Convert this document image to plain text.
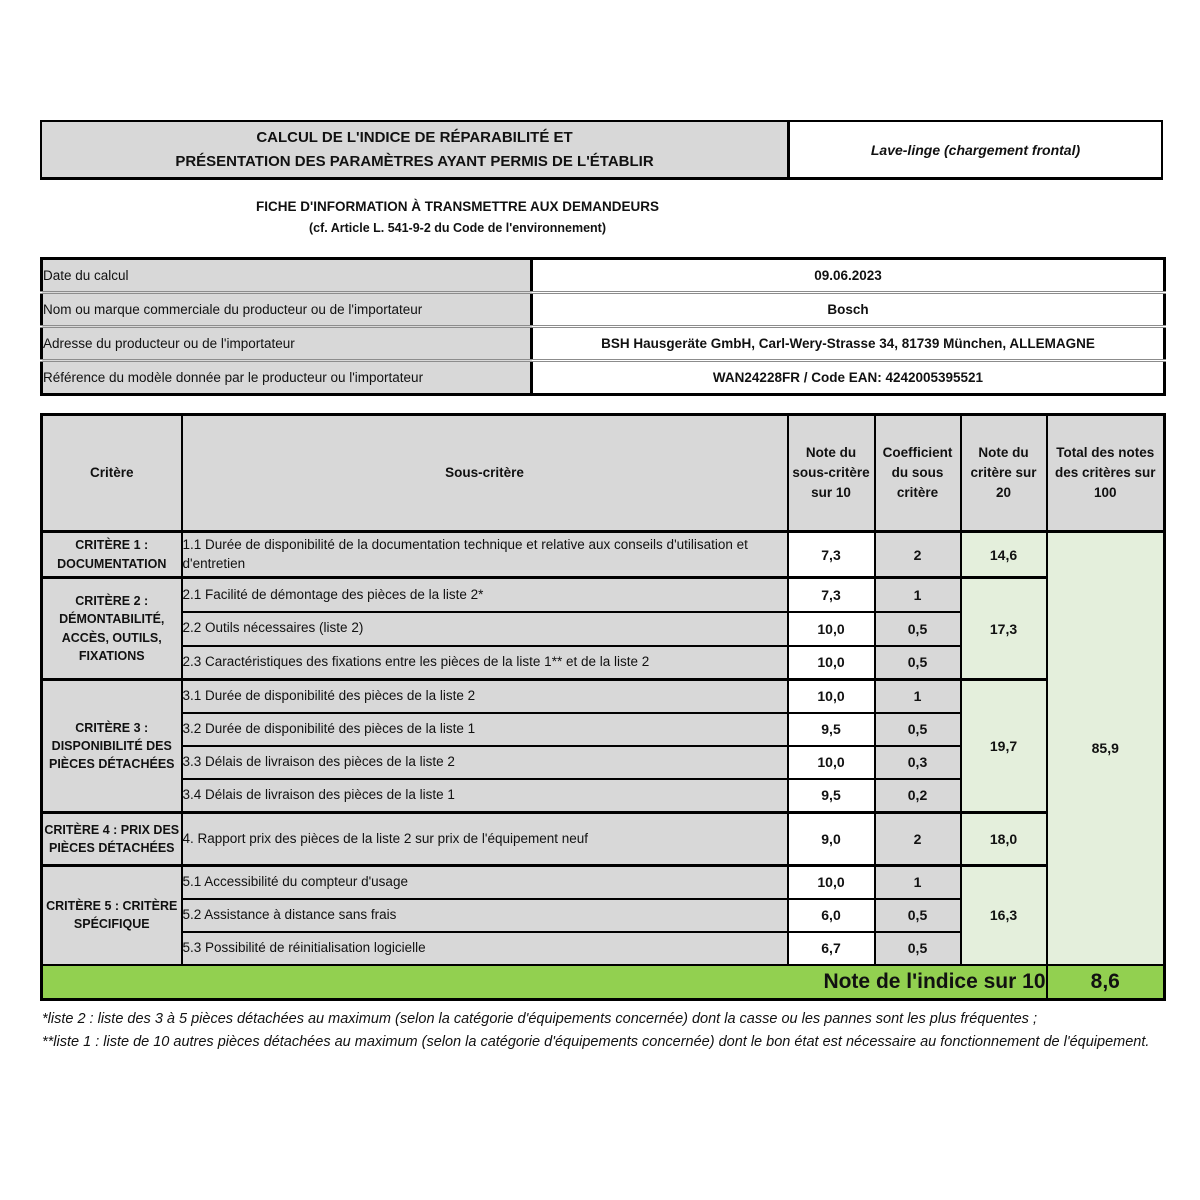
CALCUL DE L'INDICE DE RÉPARABILITÉ ET
PRÉSENTATION DES PARAMÈTRES AYANT PERMIS DE L'ÉTABLIR
Lave-linge (chargement frontal)
FICHE D'INFORMATION À TRANSMETTRE AUX DEMANDEURS
(cf. Article L. 541-9-2 du Code de l'environnement)
Date du calcul	09.06.2023
Nom ou marque commerciale du producteur ou de l'importateur	Bosch
Adresse du producteur ou de l'importateur	BSH Hausgeräte GmbH, Carl-Wery-Strasse 34, 81739 München, ALLEMAGNE
Référence du modèle donnée par le producteur ou l'importateur	WAN24228FR / Code EAN: 4242005395521
Critère	Sous-critère	Note du sous-critère sur 10	Coefficient du sous critère	Note du critère sur 20	Total des notes des critères sur 100
CRITÈRE 1 : DOCUMENTATION	1.1 Durée de disponibilité de la documentation technique et relative aux conseils d'utilisation et d'entretien	7,3	2	14,6	85,9
CRITÈRE 2 : DÉMONTABILITÉ, ACCÈS, OUTILS, FIXATIONS	2.1 Facilité de démontage des pièces de la liste 2*	7,3	1	17,3	
	2.2 Outils nécessaires (liste 2)	10,0	0,5		
	2.3 Caractéristiques des fixations entre les pièces de la liste 1** et de la liste 2	10,0	0,5		
CRITÈRE 3 : DISPONIBILITÉ DES PIÈCES DÉTACHÉES	3.1 Durée de disponibilité des pièces de la liste 2	10,0	1	19,7	
	3.2 Durée de disponibilité des pièces de la liste 1	9,5	0,5		
	3.3 Délais de livraison des pièces de la liste 2	10,0	0,3		
	3.4 Délais de livraison des pièces de la liste 1	9,5	0,2		
CRITÈRE 4 : PRIX DES PIÈCES DÉTACHÉES	4. Rapport prix des pièces de la liste 2 sur prix de l'équipement neuf	9,0	2	18,0	
CRITÈRE 5 : CRITÈRE SPÉCIFIQUE	5.1 Accessibilité du compteur d'usage	10,0	1	16,3	
	5.2 Assistance à distance sans frais	6,0	0,5		
	5.3 Possibilité de réinitialisation logicielle	6,7	0,5		
Note de l'indice sur 10					8,6

*liste 2 : liste des 3 à 5 pièces détachées au maximum (selon la catégorie d'équipements concernée) dont la casse ou les pannes sont les plus fréquentes ;

**liste 1 : liste de 10 autres pièces détachées au maximum (selon la catégorie d'équipements concernée) dont le bon état est nécessaire au fonctionnement de l'équipement.
